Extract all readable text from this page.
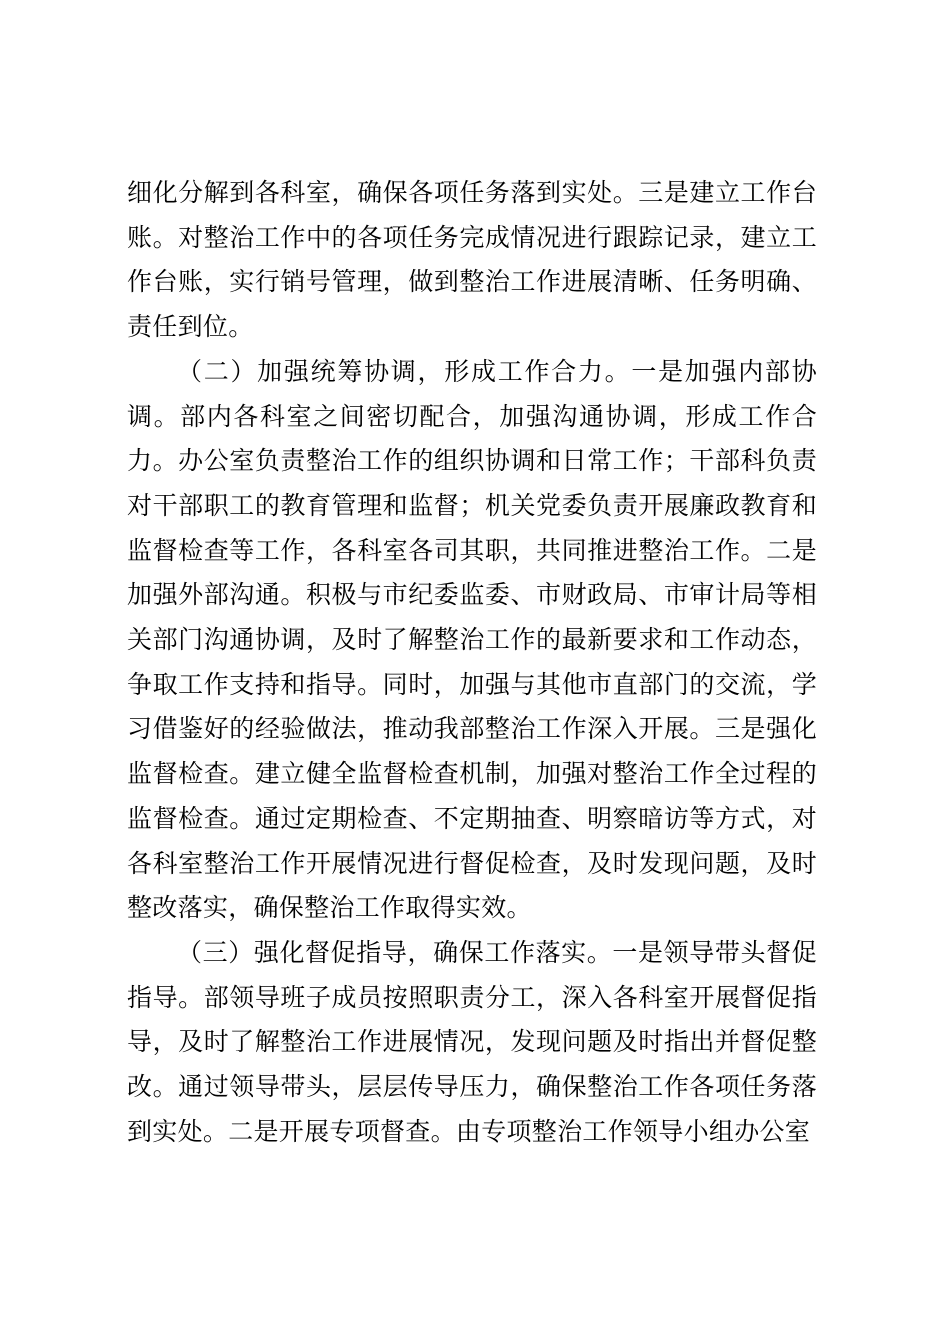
细化分解到各科室，确保各项任务落到实处。三是建立工作台账。对整治工作中的各项任务完成情况进行跟踪记录，建立工作台账，实行销号管理，做到整治工作进展清晰、任务明确、责任到位。

（二）加强统筹协调，形成工作合力。一是加强内部协调。部内各科室之间密切配合，加强沟通协调，形成工作合力。办公室负责整治工作的组织协调和日常工作；干部科负责对干部职工的教育管理和监督；机关党委负责开展廉政教育和监督检查等工作，各科室各司其职，共同推进整治工作。二是加强外部沟通。积极与市纪委监委、市财政局、市审计局等相关部门沟通协调，及时了解整治工作的最新要求和工作动态，争取工作支持和指导。同时，加强与其他市直部门的交流，学习借鉴好的经验做法，推动我部整治工作深入开展。三是强化监督检查。建立健全监督检查机制，加强对整治工作全过程的监督检查。通过定期检查、不定期抽查、明察暗访等方式，对各科室整治工作开展情况进行督促检查，及时发现问题，及时整改落实，确保整治工作取得实效。

（三）强化督促指导，确保工作落实。一是领导带头督促指导。部领导班子成员按照职责分工，深入各科室开展督促指导，及时了解整治工作进展情况，发现问题及时指出并督促整改。通过领导带头，层层传导压力，确保整治工作各项任务落到实处。二是开展专项督查。由专项整治工作领导小组办公室
